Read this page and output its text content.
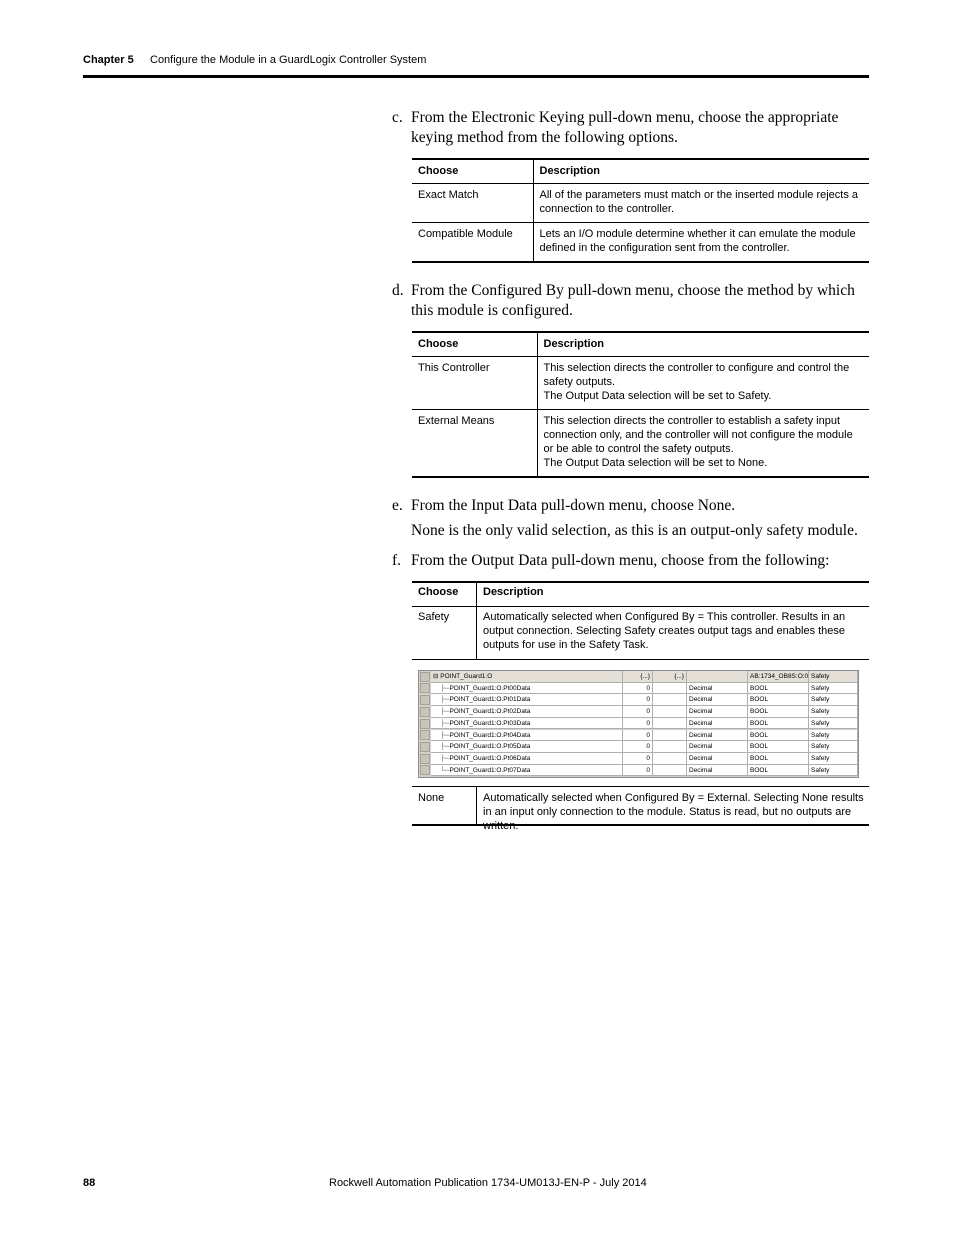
Chapter 5 Configure the Module in a GuardLogix Controller System
c. From the Electronic Keying pull-down menu, choose the appropriate keying method from the following options.
Choose	Description
Exact Match	All of the parameters must match or the inserted module rejects a connection to the controller.
Compatible Module	Lets an I/O module determine whether it can emulate the module defined in the configuration sent from the controller.
d. From the Configured By pull-down menu, choose the method by which this module is configured.
Choose	Description
This Controller	This selection directs the controller to configure and control the safety outputs.
The Output Data selection will be set to Safety.

External Means	This selection directs the controller to establish a safety input connection only, and the controller will not configure the module or be able to control the safety outputs.
The Output Data selection will be set to None.
e. From the Input Data pull-down menu, choose None.
None is the only valid selection, as this is an output-only safety module.
f. From the Output Data pull-down menu, choose from the following:
Choose Description
Safety	Automatically selected when Configured By = This controller. Results in an output connection. Selecting Safety creates output tags and enables these outputs for use in the Safety Task.
⊟ POINT_Guard1:O	{...}	{...}	AB:1734_OB8S:O:0 Safety
├─POINT_Guard1:O.Pt00Data	0	Decimal	BOOL	Safety
├─POINT_Guard1:O.Pt01Data	0	Decimal	BOOL	Safety
├─POINT_Guard1:O.Pt02Data	0	Decimal	BOOL	Safety
├─POINT_Guard1:O.Pt03Data	0	Decimal	BOOL	Safety
├─POINT_Guard1:O.Pt04Data	0	Decimal	BOOL	Safety
├─POINT_Guard1:O.Pt05Data	0	Decimal	BOOL	Safety
├─POINT_Guard1:O.Pt06Data	0	Decimal	BOOL	Safety
└─POINT_Guard1:O.Pt07Data	0	Decimal	BOOL	Safety
None	Automatically selected when Configured By = External. Selecting None results in an input only connection to the module. Status is read, but no outputs are written.
88	Rockwell Automation Publication 1734-UM013J-EN-P - July 2014
